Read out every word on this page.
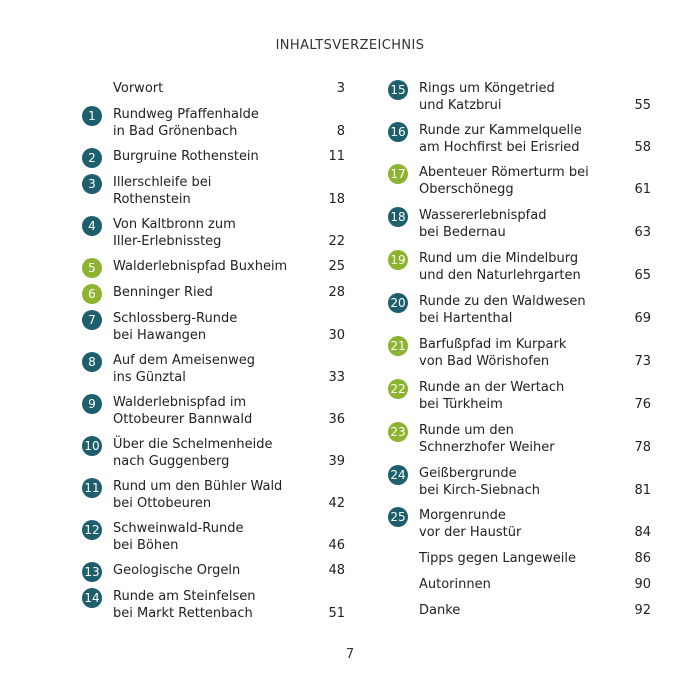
INHALTSVERZEICHNIS
Vorwort	3
1	Rundweg Pfaffenhalde
in Bad Grönenbach	8
2	Burgruine Rothenstein	11
3	Illerschleife bei
Rothenstein	18
4	Von Kaltbronn zum
Iller-Erlebnissteg	22
5	Walderlebnispfad Buxheim	25
6	Benninger Ried	28
7	Schlossberg-Runde
bei Hawangen	30
8	Auf dem Ameisenweg
ins Günztal	33
9	Walderlebnispfad im
Ottobeurer Bannwald	36
10 Über die Schelmenheide
nach Guggenberg	39
11 Rund um den Bühler Wald
bei Ottobeuren	42
12 Schweinwald-Runde
bei Böhen	46
13 Geologische Orgeln	48
14 Runde am Steinfelsen
bei Markt Rettenbach	51
15 Rings um Köngetried
und Katzbrui	55
16 Runde zur Kammelquelle
am Hochfirst bei Erisried	58
17 Abenteuer Römerturm bei
Oberschönegg	61
18 Wassererlebnispfad
bei Bedernau	63
19 Rund um die Mindelburg
und den Naturlehrgarten	65
20 Runde zu den Waldwesen
bei Hartenthal	69
21 Barfußpfad im Kurpark
von Bad Wörishofen	73
22 Runde an der Wertach
bei Türkheim	76
23 Runde um den
Schnerzhofer Weiher	78
24 Geißbergrunde
bei Kirch-Siebnach	81
25 Morgenrunde
vor der Haustür	84
Tipps gegen Langeweile	86
Autorinnen	90
Danke	92
7
